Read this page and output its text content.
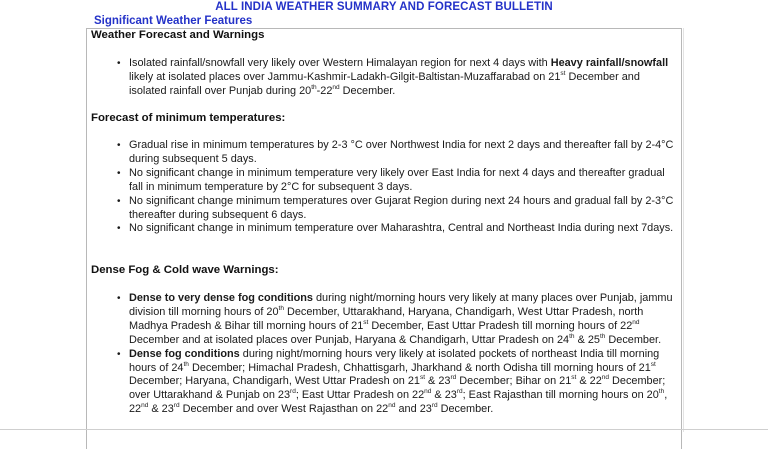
ALL INDIA WEATHER SUMMARY AND FORECAST BULLETIN
Significant Weather Features
Weather Forecast and Warnings
• Isolated rainfall/snowfall very likely over Western Himalayan region for next 4 days with Heavy rainfall/snowfall likely at isolated places over Jammu-Kashmir-Ladakh-Gilgit-Baltistan-Muzaffarabad on 21st December and isolated rainfall over Punjab during 20th-22nd December.
Forecast of minimum temperatures:
• Gradual rise in minimum temperatures by 2-3 °C over Northwest India for next 2 days and thereafter fall by 2-4°C during subsequent 5 days.
• No significant change in minimum temperature very likely over East India for next 4 days and thereafter gradual fall in minimum temperature by 2°C for subsequent 3 days.
• No significant change minimum temperatures over Gujarat Region during next 24 hours and gradual fall by 2-3°C thereafter during subsequent 6 days.
• No significant change in minimum temperature over Maharashtra, Central and Northeast India during next 7days.
Dense Fog & Cold wave Warnings:
• Dense to very dense fog conditions during night/morning hours very likely at many places over Punjab, jammu division till morning hours of 20th December, Uttarakhand, Haryana, Chandigarh, West Uttar Pradesh, north Madhya Pradesh & Bihar till morning hours of 21st December, East Uttar Pradesh till morning hours of 22nd December and at isolated places over Punjab, Haryana & Chandigarh, Uttar Pradesh on 24th & 25th December.
• Dense fog conditions during night/morning hours very likely at isolated pockets of northeast India till morning hours of 24th December; Himachal Pradesh, Chhattisgarh, Jharkhand & north Odisha till morning hours of 21st December; Haryana, Chandigarh, West Uttar Pradesh on 21st & 23rd December; Bihar on 21st & 22nd December; over Uttarakhand & Punjab on 23rd; East Uttar Pradesh on 22nd & 23rd; East Rajasthan till morning hours on 20th, 22nd & 23rd December and over West Rajasthan on 22nd and 23rd December.
